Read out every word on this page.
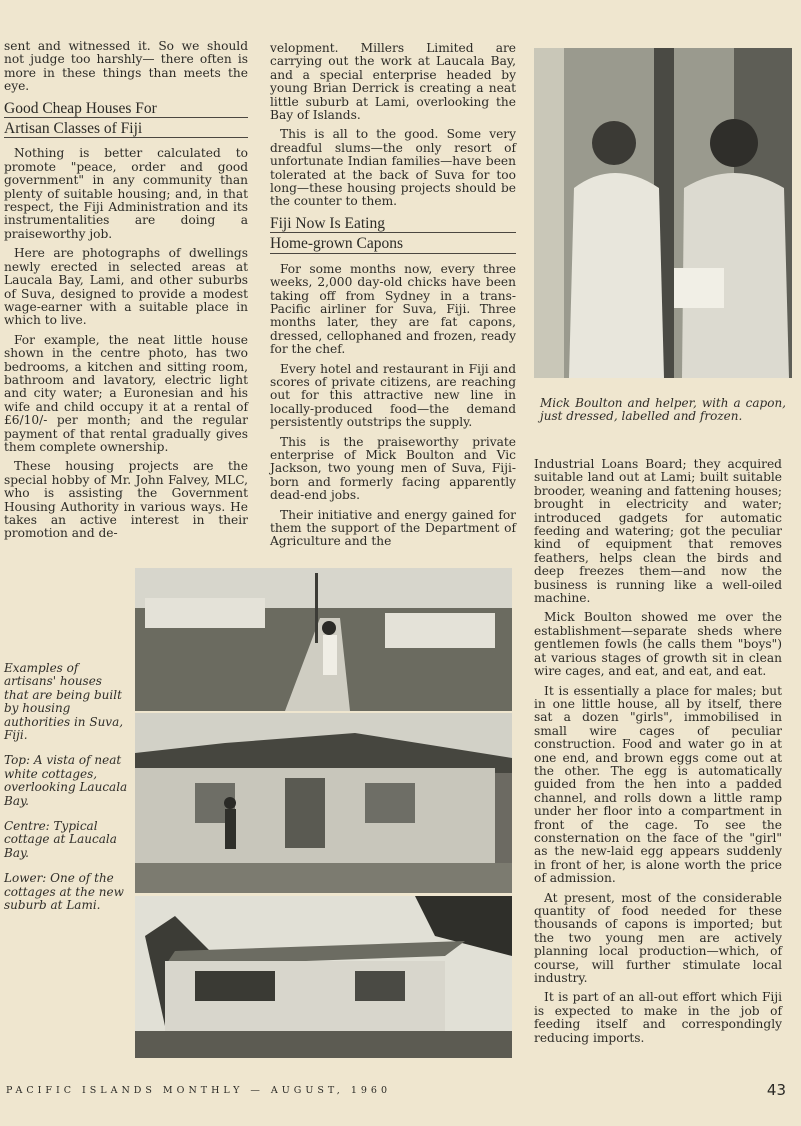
sent and witnessed it. So we should not judge too harshly— there often is more in these things than meets the eye.

Good Cheap Houses For
Artisan Classes of Fiji

Nothing is better calculated to promote "peace, order and good government" in any community than plenty of suitable housing; and, in that respect, the Fiji Administration and its instrumentalities are doing a praiseworthy job.

Here are photographs of dwellings newly erected in selected areas at Laucala Bay, Lami, and other suburbs of Suva, designed to provide a modest wage-earner with a suitable place in which to live.

For example, the neat little house shown in the centre photo, has two bedrooms, a kitchen and sitting room, bathroom and lavatory, electric light and city water; a Euronesian and his wife and child occupy it at a rental of £6/10/- per month; and the regular payment of that rental gradually gives them complete ownership.

These housing projects are the special hobby of Mr. John Falvey, MLC, who is assisting the Government Housing Authority in various ways. He takes an active interest in their promotion and de-

velopment. Millers Limited are carrying out the work at Laucala Bay, and a special enterprise headed by young Brian Derrick is creating a neat little suburb at Lami, overlooking the Bay of Islands.

This is all to the good. Some very dreadful slums—the only resort of unfortunate Indian families—have been tolerated at the back of Suva for too long—these housing projects should be the counter to them.

Fiji Now Is Eating
Home-grown Capons

For some months now, every three weeks, 2,000 day-old chicks have been taking off from Sydney in a trans-Pacific airliner for Suva, Fiji. Three months later, they are fat capons, dressed, cellophaned and frozen, ready for the chef.

Every hotel and restaurant in Fiji and scores of private citizens, are reaching out for this attractive new line in locally-produced food—the demand persistently outstrips the supply.

This is the praiseworthy private enterprise of Mick Boulton and Vic Jackson, two young men of Suva, Fiji-born and formerly facing apparently dead-end jobs.

Their initiative and energy gained for them the support of the Department of Agriculture and the

Mick Boulton and helper, with a capon, just dressed, labelled and frozen.

Industrial Loans Board; they acquired suitable land out at Lami; built suitable brooder, weaning and fattening houses; brought in electricity and water; introduced gadgets for automatic feeding and watering; got the peculiar kind of equipment that removes feathers, helps clean the birds and deep freezes them—and now the business is running like a well-oiled machine.

Mick Boulton showed me over the establishment—separate sheds where gentlemen fowls (he calls them "boys") at various stages of growth sit in clean wire cages, and eat, and eat, and eat.

It is essentially a place for males; but in one little house, all by itself, there sat a dozen "girls", immobilised in small wire cages of peculiar construction. Food and water go in at one end, and brown eggs come out at the other. The egg is automatically guided from the hen into a padded channel, and rolls down a little ramp under her floor into a compartment in front of the cage. To see the consternation on the face of the "girl" as the new-laid egg appears suddenly in front of her, is alone worth the price of admission.

At present, most of the considerable quantity of food needed for these thousands of capons is imported; but the two young men are actively planning local production—which, of course, will further stimulate local industry.

It is part of an all-out effort which Fiji is expected to make in the job of feeding itself and correspondingly reducing imports.

Examples of artisans' houses that are being built by housing authorities in Suva, Fiji.

Top: A vista of neat white cottages, overlooking Laucala Bay.

Centre: Typical cottage at Laucala Bay.

Lower: One of the cottages at the new suburb at Lami.

PACIFIC ISLANDS MONTHLY — AUGUST, 1960	43
